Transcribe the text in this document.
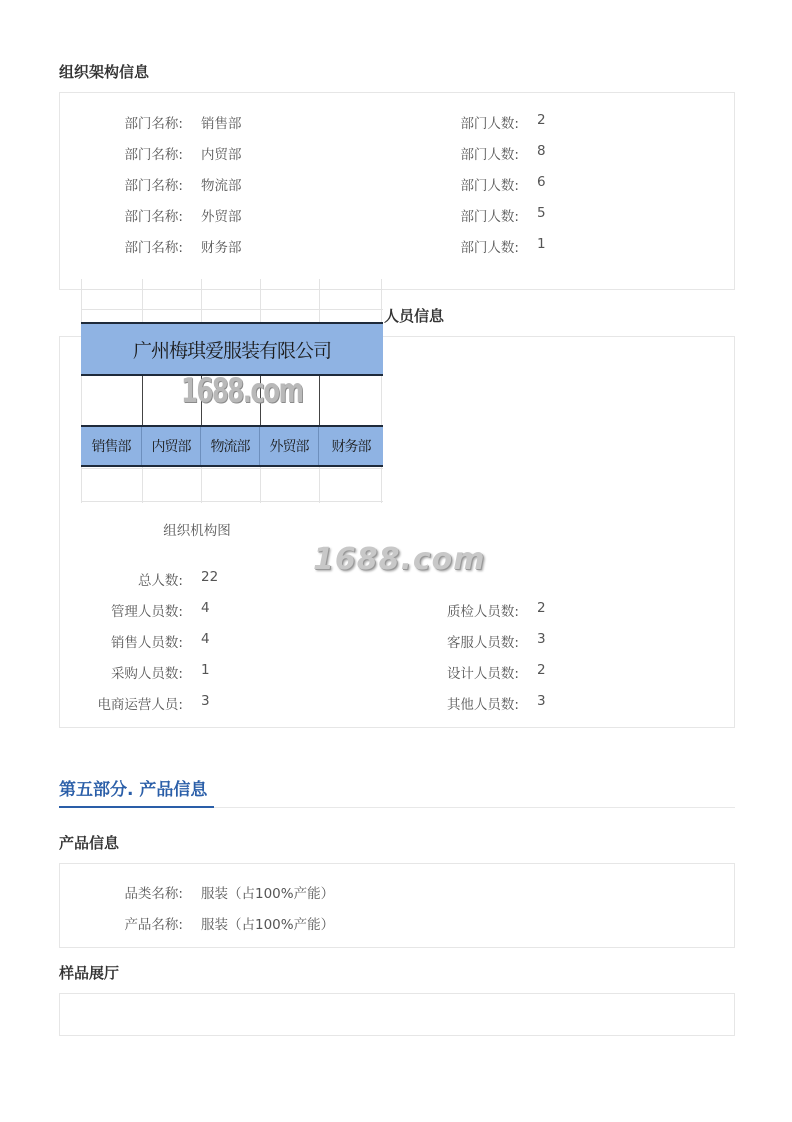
组织架构信息
部门名称: 销售部	部门人数: 2
部门名称: 内贸部	部门人数: 8
部门名称: 物流部	部门人数: 6
部门名称: 外贸部	部门人数: 5
部门名称: 财务部	部门人数: 1
人员信息
组织机构图
总人数: 22
管理人员数: 4	质检人员数: 2
销售人员数: 4	客服人员数: 3
采购人员数: 1	设计人员数: 2
电商运营人员: 3	其他人员数: 3
广州梅琪爱服装有限公司
1688.com
销售部	内贸部	物流部	外贸部	财务部
1688.com
第五部分. 产品信息
产品信息
品类名称: 服装（占100%产能）
产品名称: 服装（占100%产能）
样品展厅
